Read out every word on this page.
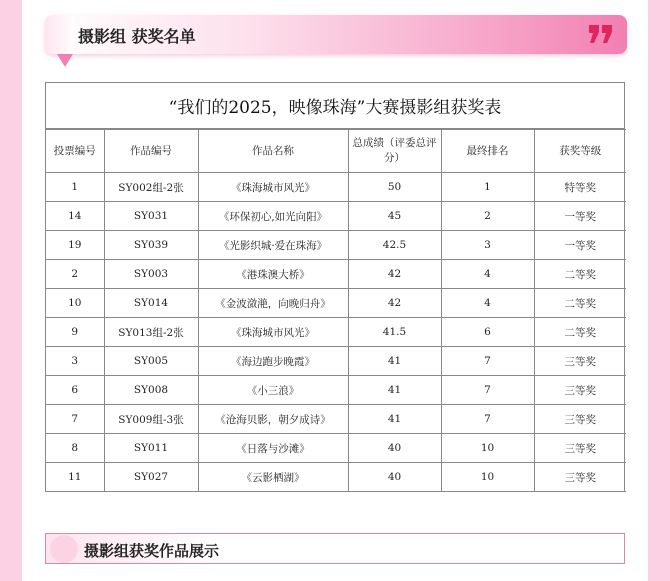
摄影组 获奖名单
“我们的2025，映像珠海”大赛摄影组获奖表
投票编号	作品编号	作品名称	总成绩（评委总评分）	最终排名	获奖等级
1	SY002组-2张	《珠海城市风光》	50	1	特等奖
14	SY031	《环保初心,如光向阳》	45	2	一等奖
19	SY039	《光影织城·爱在珠海》	42.5	3	一等奖
2	SY003	《港珠澳大桥》	42	4	二等奖
10	SY014	《金波潋滟，向晚归舟》	42	4	二等奖
9	SY013组-2张	《珠海城市风光》	41.5	6	二等奖
3	SY005	《海边跑步晚霞》	41	7	三等奖
6	SY008	《小三浪》	41	7	三等奖
7	SY009组-3张	《沧海贝影，朝夕成诗》	41	7	三等奖
8	SY011	《日落与沙滩》	40	10	三等奖
11	SY027	《云影栖湖》	40	10	三等奖
摄影组获奖作品展示
